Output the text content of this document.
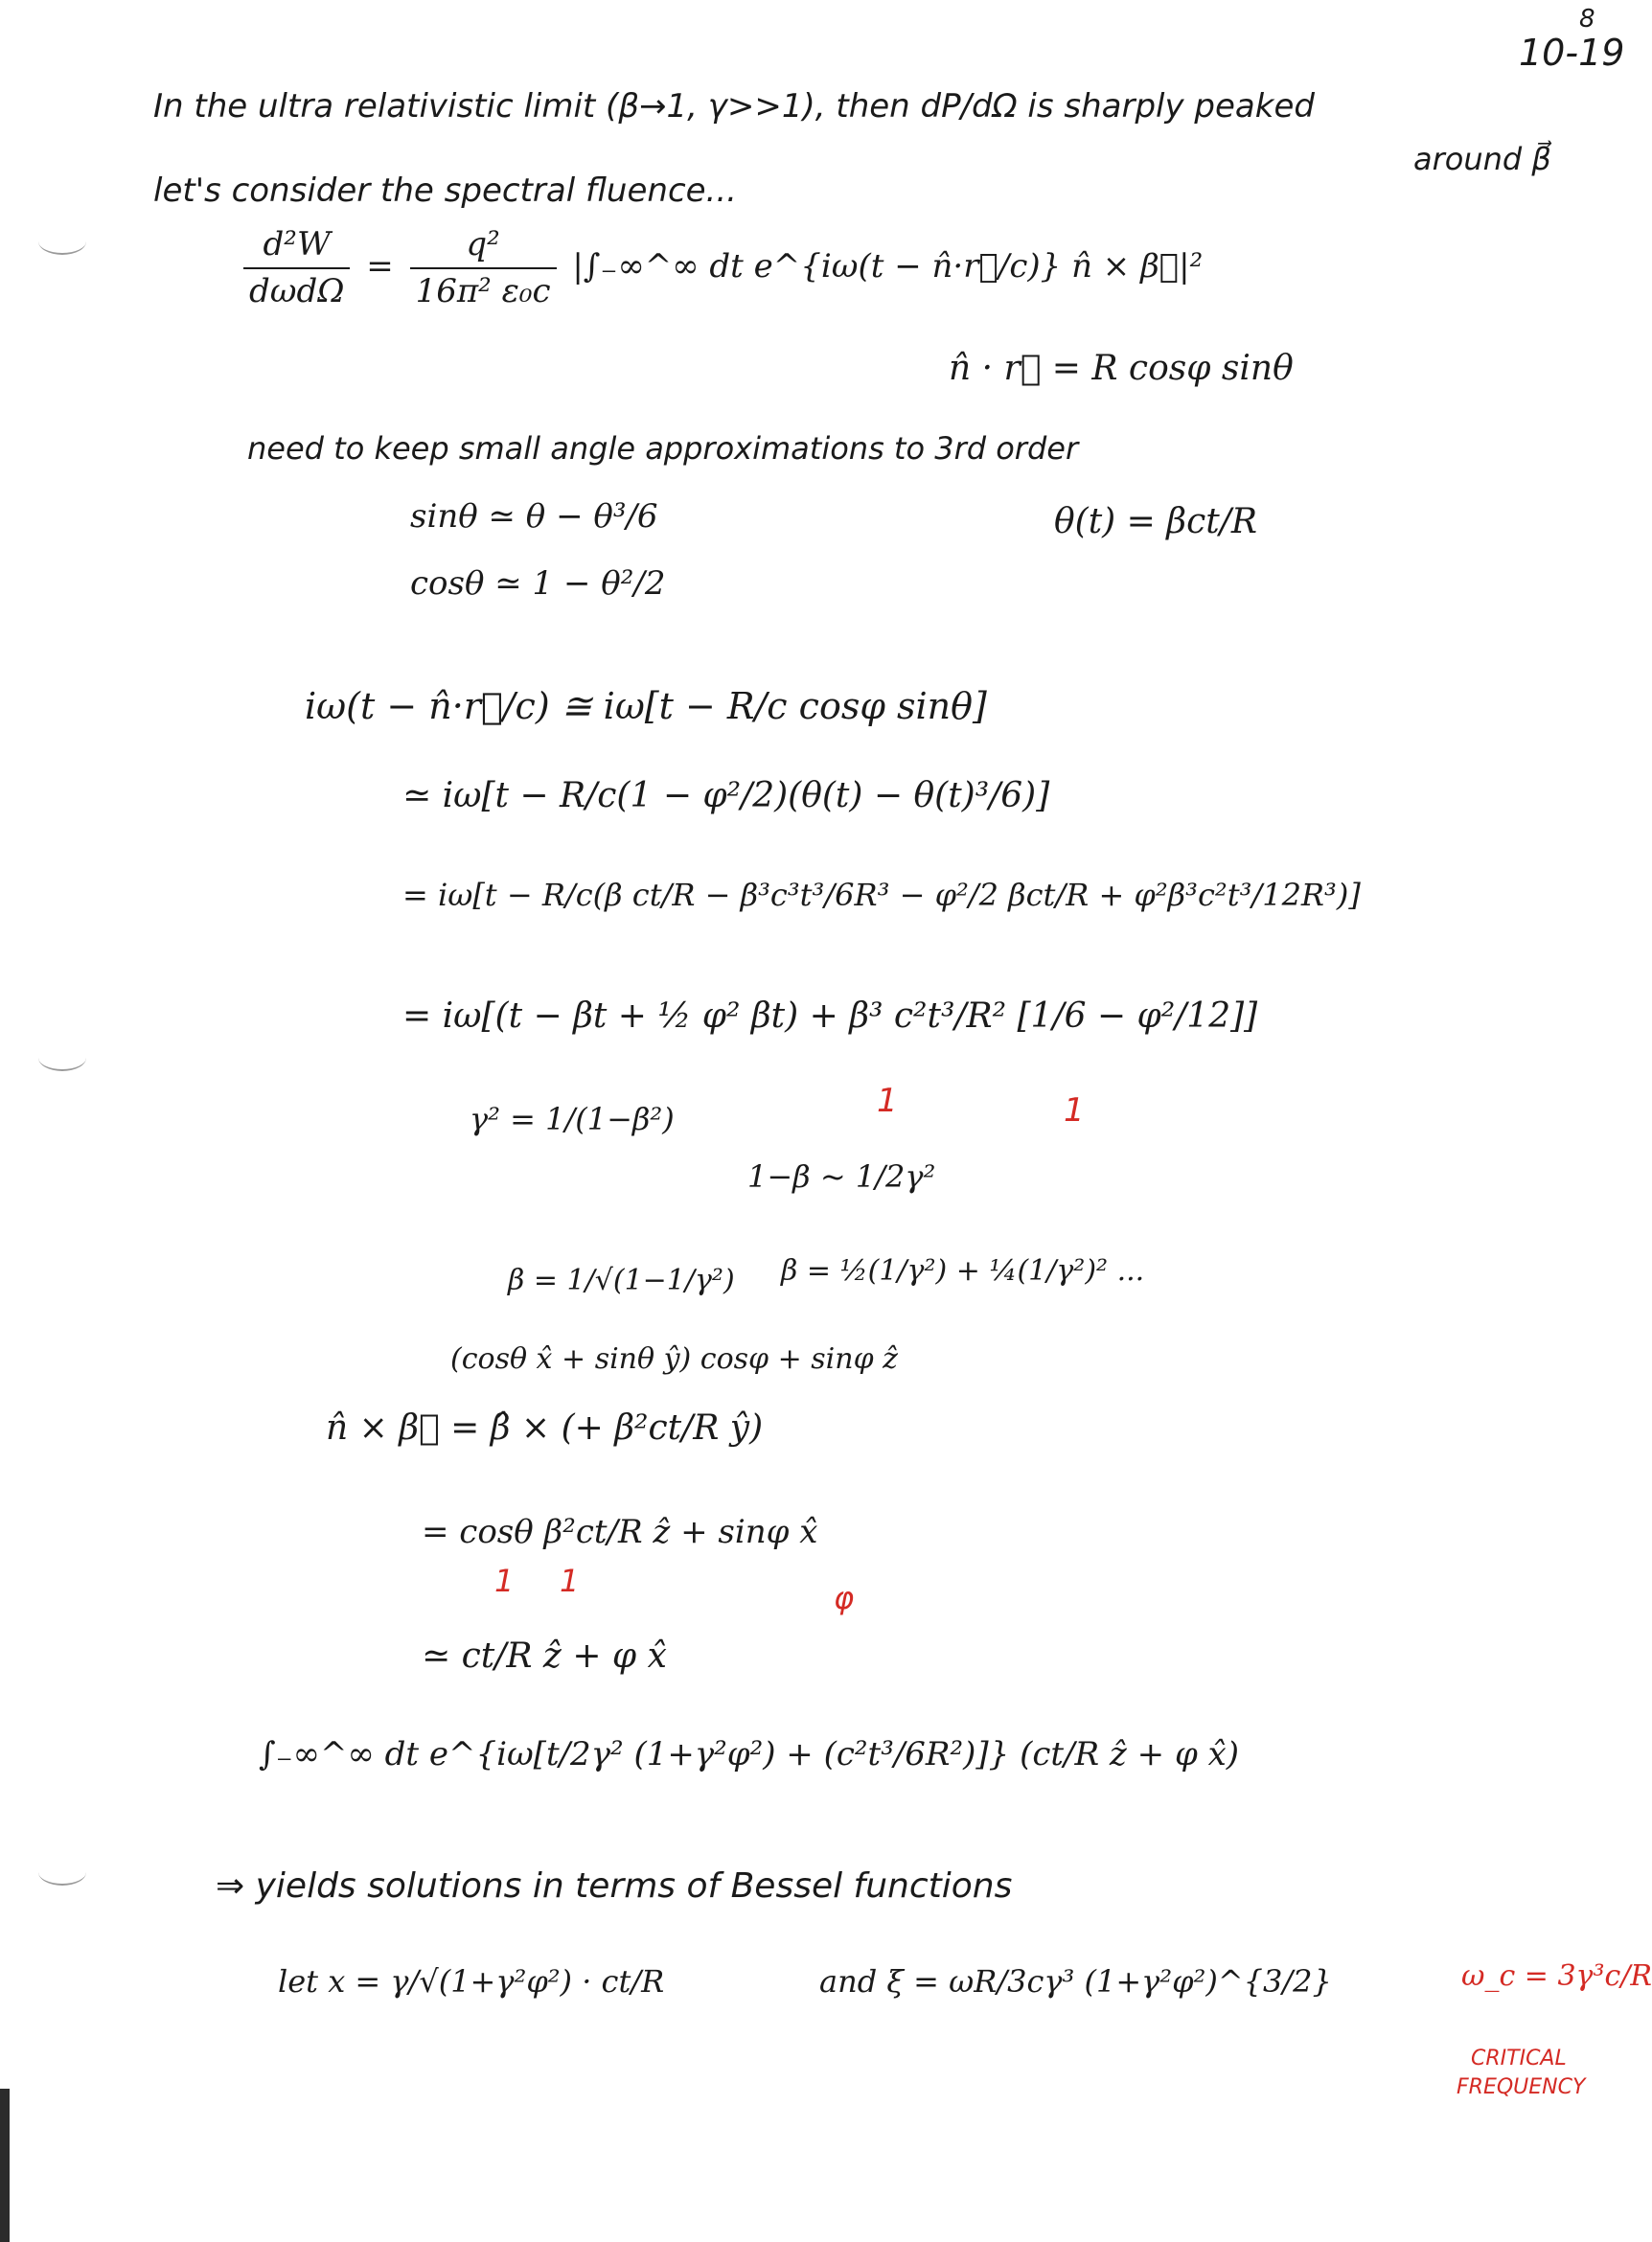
8
10-19
In the ultra relativistic limit (β→1, γ>>1), then dP/dΩ is sharply peaked
around β⃗
let's consider the spectral fluence...
$\frac{\text{d²W}}{\text{dωdΩ}} = \frac{\text{q²}}{\text{16π² ε₀c}}$ |∫₋∞^∞ dt e^{iω(t − n̂·r⃗/c)} n̂ × β⃗|²
n̂ · r⃗ = R cosφ sinθ
need to keep small angle approximations to 3rd order
sinθ ≃ θ − θ³/6
cosθ ≃ 1 − θ²/2
θ(t) = βct/R
iω(t − n̂·r⃗/c) ≅ iω[t − R/c cosφ sinθ]
≃ iω[t − R/c(1 − φ²/2)(θ(t) − θ(t)³/6)]
= iω[t − R/c(β ct/R − β³c³t³/6R³ − φ²/2 βct/R + φ²β³c²t³/12R³)]
= iω[(t − βt + ½ φ² βt) + β³ c²t³/R² [1/6 − φ²/12]]
1	1
γ² = 1/(1−β²)
1−β ~ 1/2γ²
β = 1/√(1−1/γ²) β = ½(1/γ²) + ¼(1/γ²)² ...
(cosθ x̂ + sinθ ŷ) cosφ + sinφ ẑ
n̂ × β⃗ = β̂ × (+ β²ct/R ŷ)
= cosθ β²ct/R ẑ + sinφ x̂
1 1	φ
≃ ct/R ẑ + φ x̂
∫₋∞^∞ dt e^{iω[t/2γ² (1+γ²φ²) + (c²t³/6R²)]} (ct/R ẑ + φ x̂)
⇒ yields solutions in terms of Bessel functions
let x = γ/√(1+γ²φ²) · ct/R	and ξ = ωR/3cγ³ (1+γ²φ²)^{3/2}	ω_c = 3γ³c/R
CRITICAL
FREQUENCY
